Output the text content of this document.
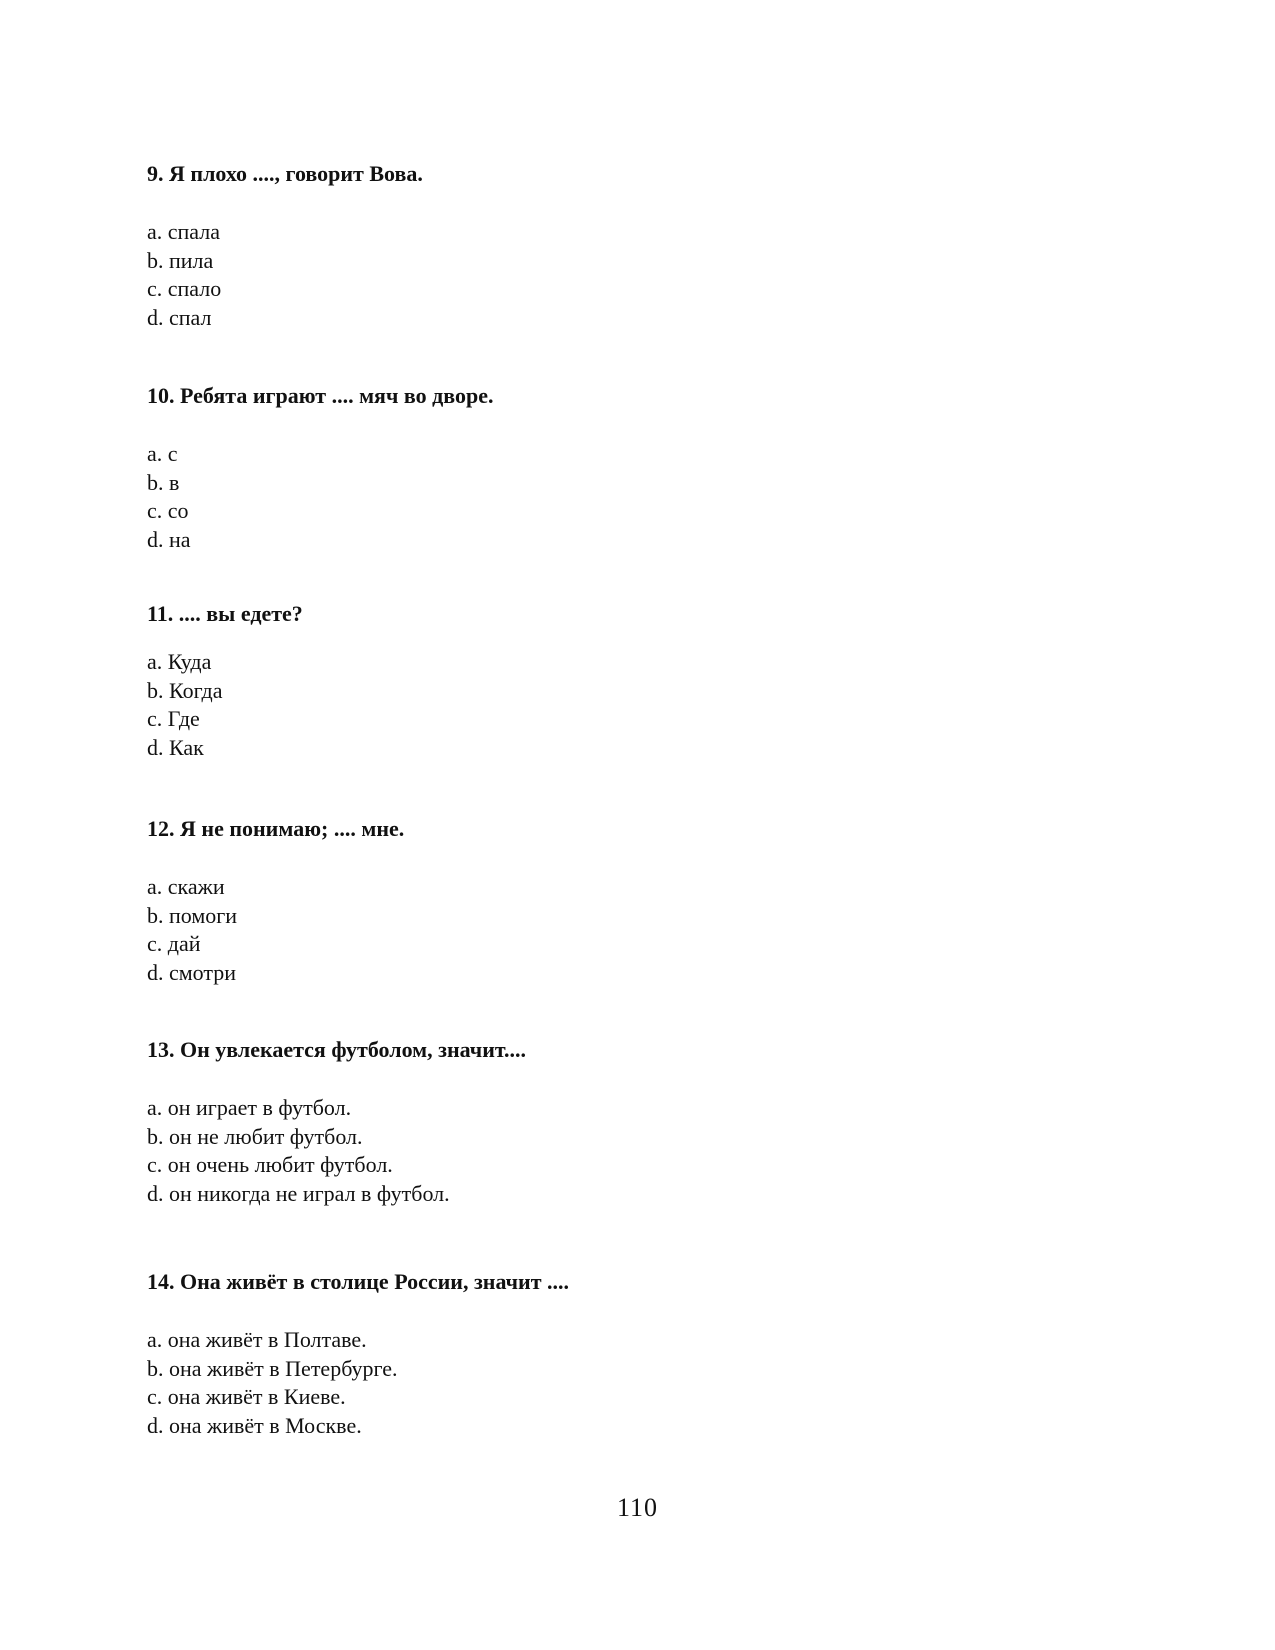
9. Я плохо ...., говорит Вова.
a. спала
b. пила
c. спало
d. спал
10. Ребята играют .... мяч во дворе.
a. с
b. в
c. со
d. на
11. .... вы едете?
a. Куда
b. Когда
c. Где
d. Как
12. Я не понимаю; .... мне.
a. скажи
b. помоги
c. дай
d. смотри
13. Он увлекается футболом, значит....
a. он играет в футбол.
b. он не любит футбол.
c. он очень любит футбол.
d. он никогда не играл в футбол.
14. Она живёт в столице России, значит ....
a. она живёт в Полтаве.
b. она живёт в Петербурге.
c. она живёт в Киеве.
d. она живёт в Москве.
110
